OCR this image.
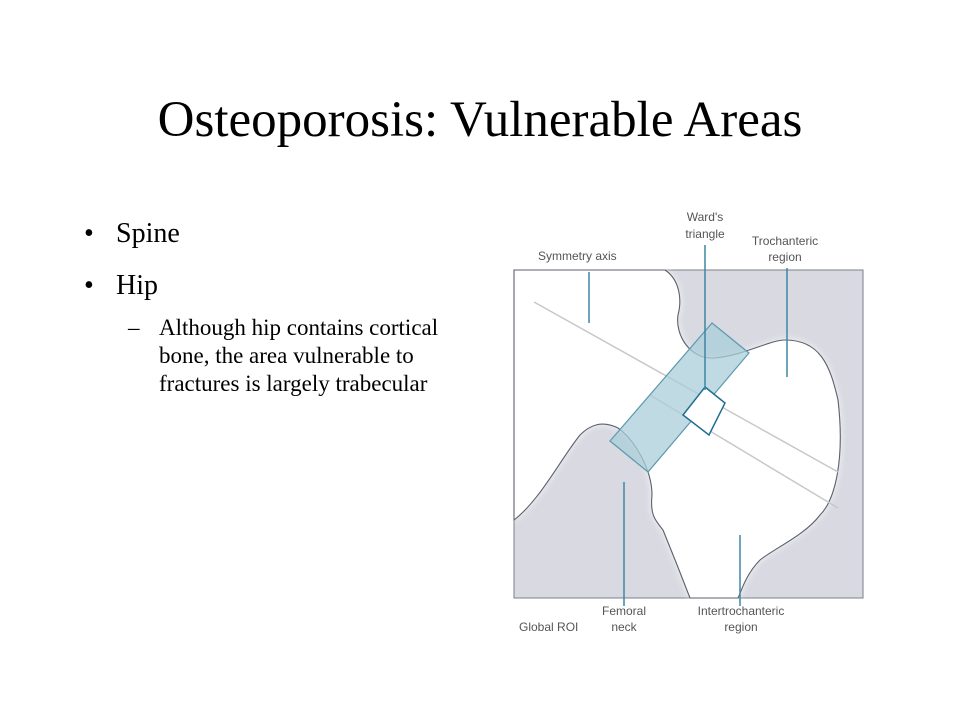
Osteoporosis: Vulnerable Areas
• Spine
• Hip
– Although hip contains cortical bone, the area vulnerable to fractures is largely trabecular
Symmetry axis
Ward's
triangle Trochanteric
region
Global ROI
Femoral
neck
Intertrochanteric
region
